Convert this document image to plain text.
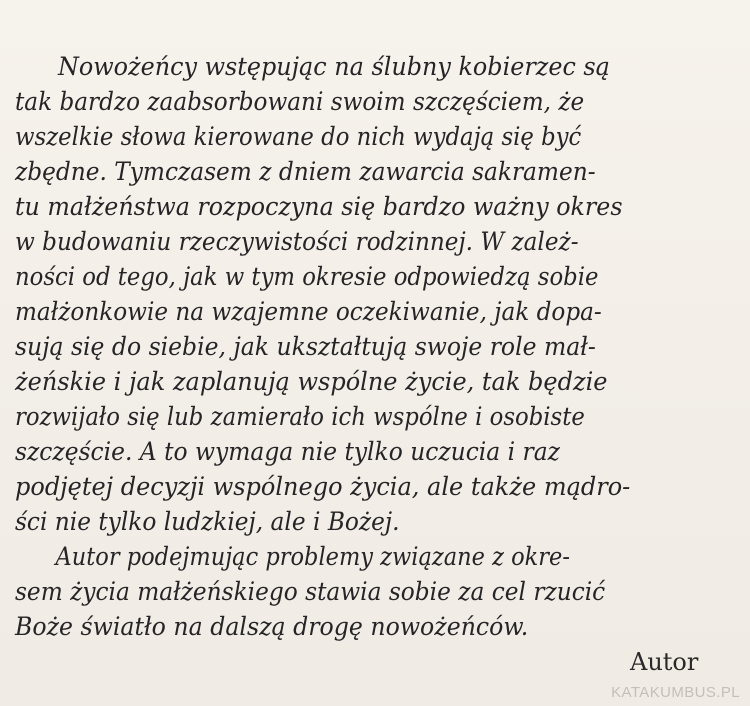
Nowożeńcy wstępując na ślubny kobierzec są
tak bardzo zaabsorbowani swoim szczęściem, że
wszelkie słowa kierowane do nich wydają się być
zbędne. Tymczasem z dniem zawarcia sakramen-
tu małżeństwa rozpoczyna się bardzo ważny okres
w budowaniu rzeczywistości rodzinnej. W zależ-
ności od tego, jak w tym okresie odpowiedzą sobie
małżonkowie na wzajemne oczekiwanie, jak dopa-
sują się do siebie, jak ukształtują swoje role mał-
żeńskie i jak zaplanują wspólne życie, tak będzie
rozwijało się lub zamierało ich wspólne i osobiste
szczęście. A to wymaga nie tylko uczucia i raz
podjętej decyzji wspólnego życia, ale także mądro-
ści nie tylko ludzkiej, ale i Bożej.
Autor podejmując problemy związane z okre-
sem życia małżeńskiego stawia sobie za cel rzucić
Boże światło na dalszą drogę nowożeńców.
Autor
KATAKUMBUS.PL
